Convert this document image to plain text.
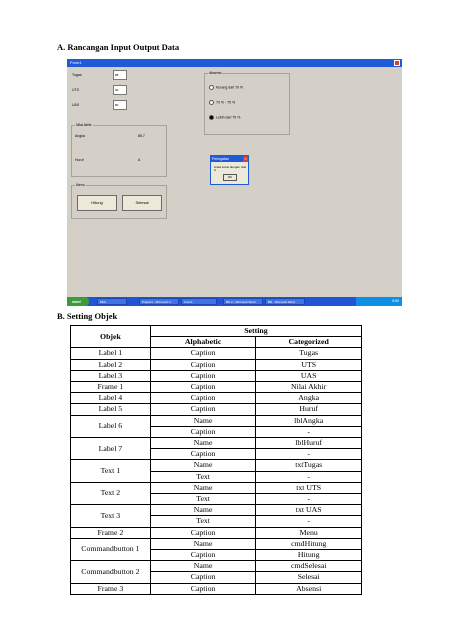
A. Rancangan Input Output Data
Form1
Tugas	88
UTS	90
UAS	80
Nilai Akhir
Angka	85.7
Huruf	A
Menu
Hitung	Selesai
Absensi
Kurang dari 70 %
70 % - 75 %
Lebih dari 75 %
Peringatan	×
Anda Lulus dengan nilai A
OK
start	MDL	Project1 - Microsoft V...	Form1	BD 2 - Microsoft Word	BD - Microsoft Word	8:56
B. Setting Objek
Objek	Setting	
	Alphabetic	Categorized
Label 1	Caption	Tugas
Label 2	Caption	UTS
Label 3	Caption	UAS
Frame 1	Caption	Nilai Akhir
Label 4	Caption	Angka
Label 5	Caption	Huruf
Label 6	Name	lblAngka
	Caption	-
Label 7	Name	lblHuruf
	Caption	-
Text 1	Name	txtTugas
	Text	-
Text 2	Name	txt UTS
	Text	-
Text 3	Name	txt UAS
	Text	-
Frame 2	Caption	Menu
Commandbutton 1	Name	cmdHitung
	Caption	Hitung
Commandbutton 2	Name	cmdSelesai
	Caption	Selesai
Frame 3	Caption	Absensi
